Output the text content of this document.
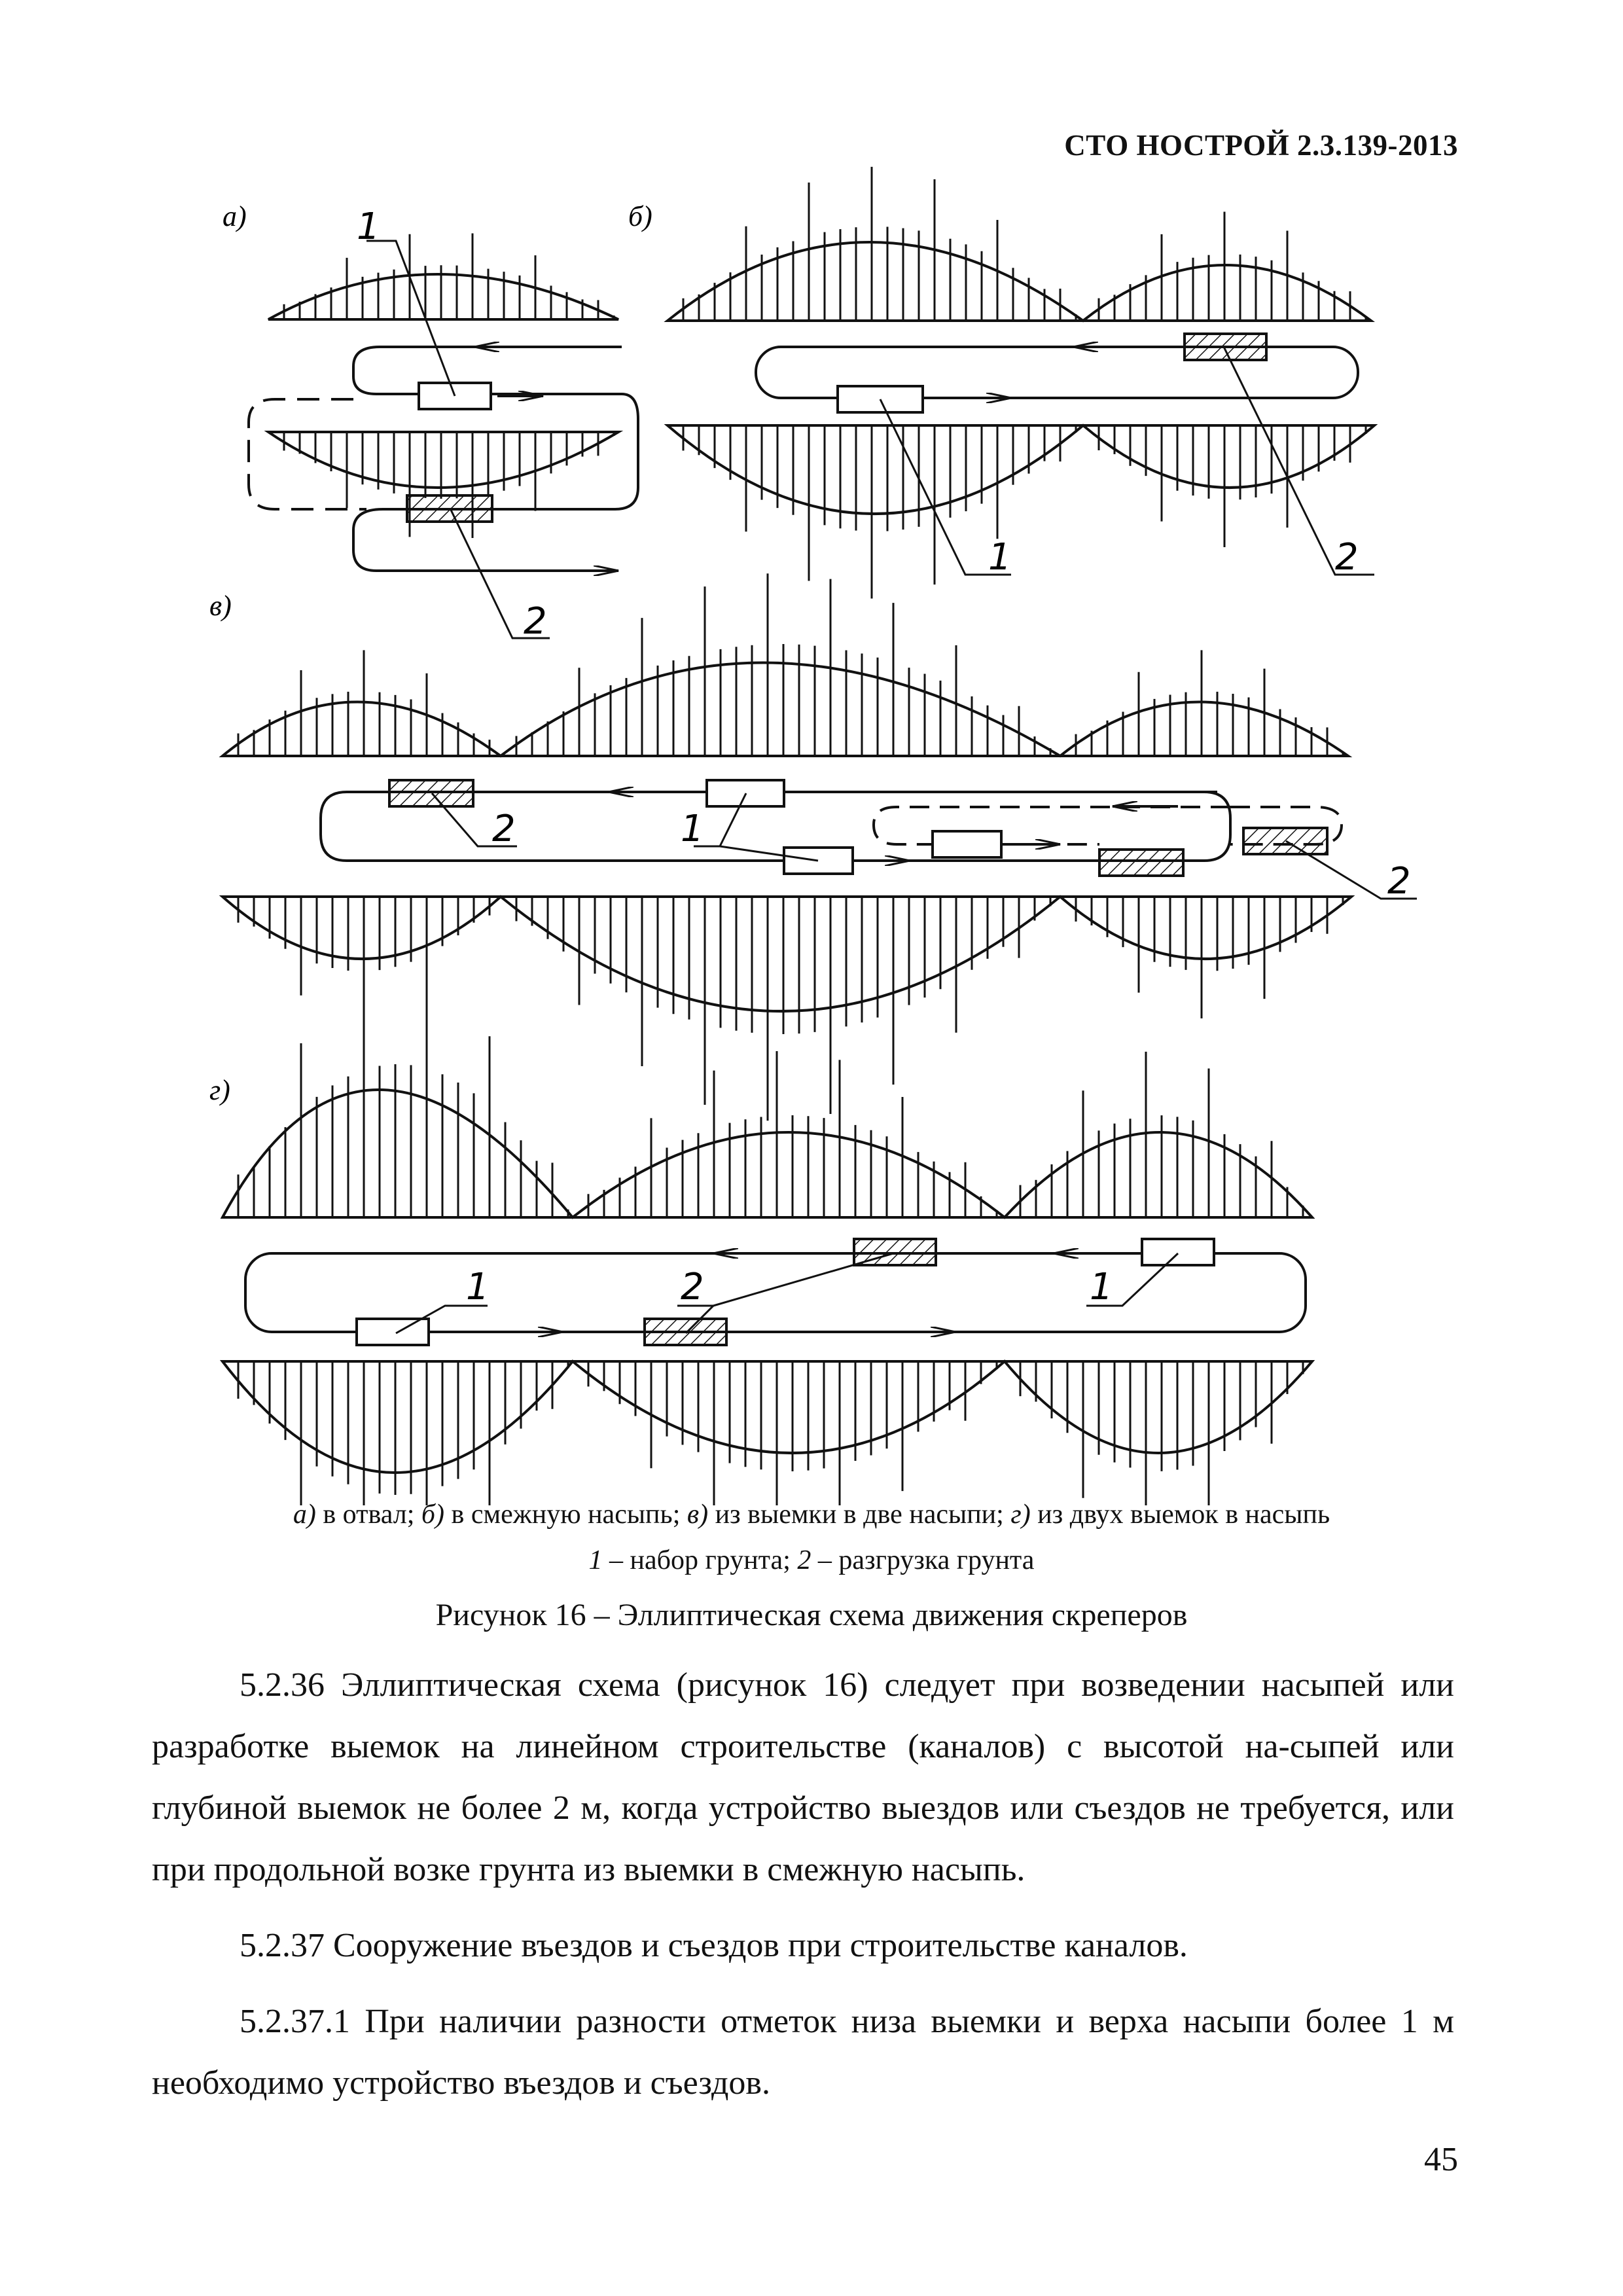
СТО НОСТРОЙ 2.3.139-2013
а)	1
2
б)
1	2
в)
2	1
2
г)
1	2	1
а) в отвал; б) в смежную насыпь; в) из выемки в две насыпи; г) из двух выемок в насыпь
1 – набор грунта; 2 – разгрузка грунта
Рисунок 16 – Эллиптическая схема движения скреперов

5.2.36 Эллиптическая схема (рисунок 16) следует при возведении насыпей или разработке выемок на линейном строительстве (каналов) с высотой на-сыпей или глубиной выемок не более 2 м, когда устройство выездов или съездов не требуется, или при продольной возке грунта из выемки в смежную насыпь.

5.2.37 Сооружение въездов и съездов при строительстве каналов.

5.2.37.1 При наличии разности отметок низа выемки и верха насыпи более 1 м необходимо устройство въездов и съездов.

45
